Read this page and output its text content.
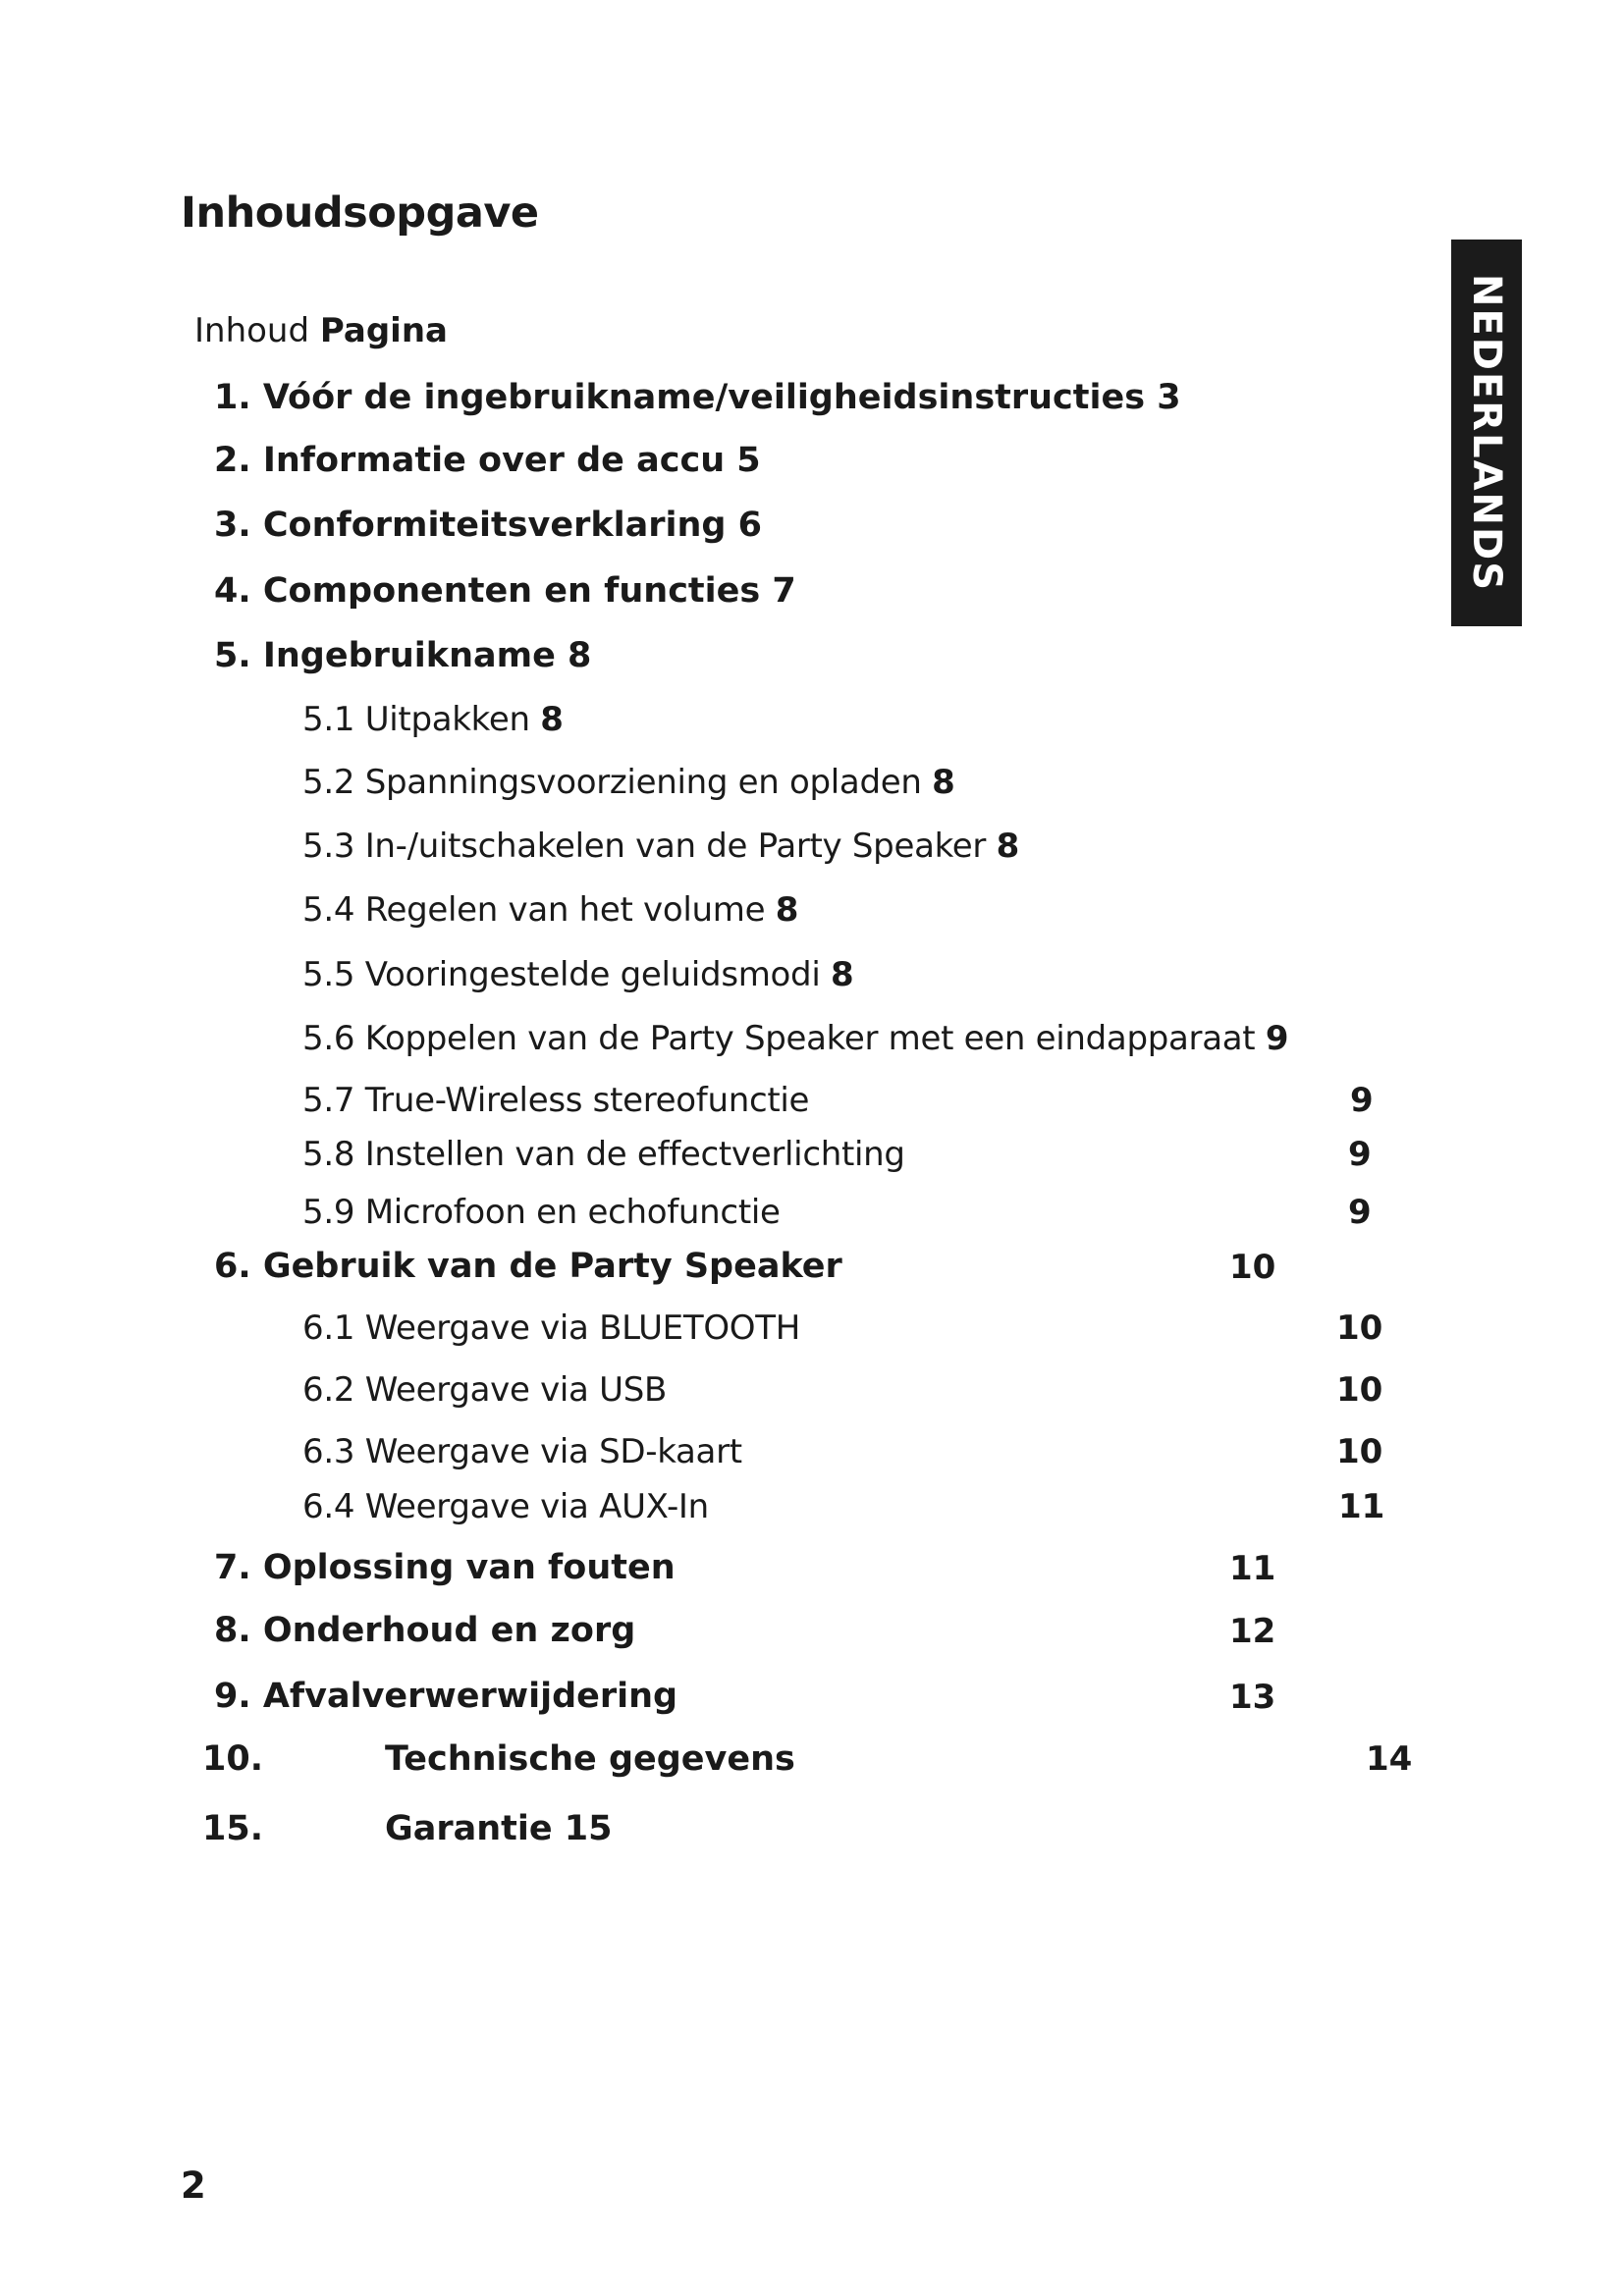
Inhoudsopgave
NEDERLANDS
Inhoud Pagina
1. Vóór de ingebruikname/veiligheidsinstructies 3
2. Informatie over de accu 5
3. Conformiteitsverklaring 6
4. Componenten en functies 7
5. Ingebruikname 8
5.1 Uitpakken 8
5.2 Spanningsvoorziening en opladen 8
5.3 In-/uitschakelen van de Party Speaker 8
5.4 Regelen van het volume 8
5.5 Vooringestelde geluidsmodi 8
5.6 Koppelen van de Party Speaker met een eindapparaat 9
5.7 True-Wireless stereofunctie	9
5.8 Instellen van de effectverlichting	9
5.9 Microfoon en echofunctie	9
6. Gebruik van de Party Speaker	10
6.1 Weergave via BLUETOOTH	10
6.2 Weergave via USB	10
6.3 Weergave via SD-kaart	10
6.4 Weergave via AUX-In	11
7. Oplossing van fouten	11
8. Onderhoud en zorg	12
9. Afvalverwerwijdering	13
10.	Technische gegevens	14
15.	Garantie 15
2
